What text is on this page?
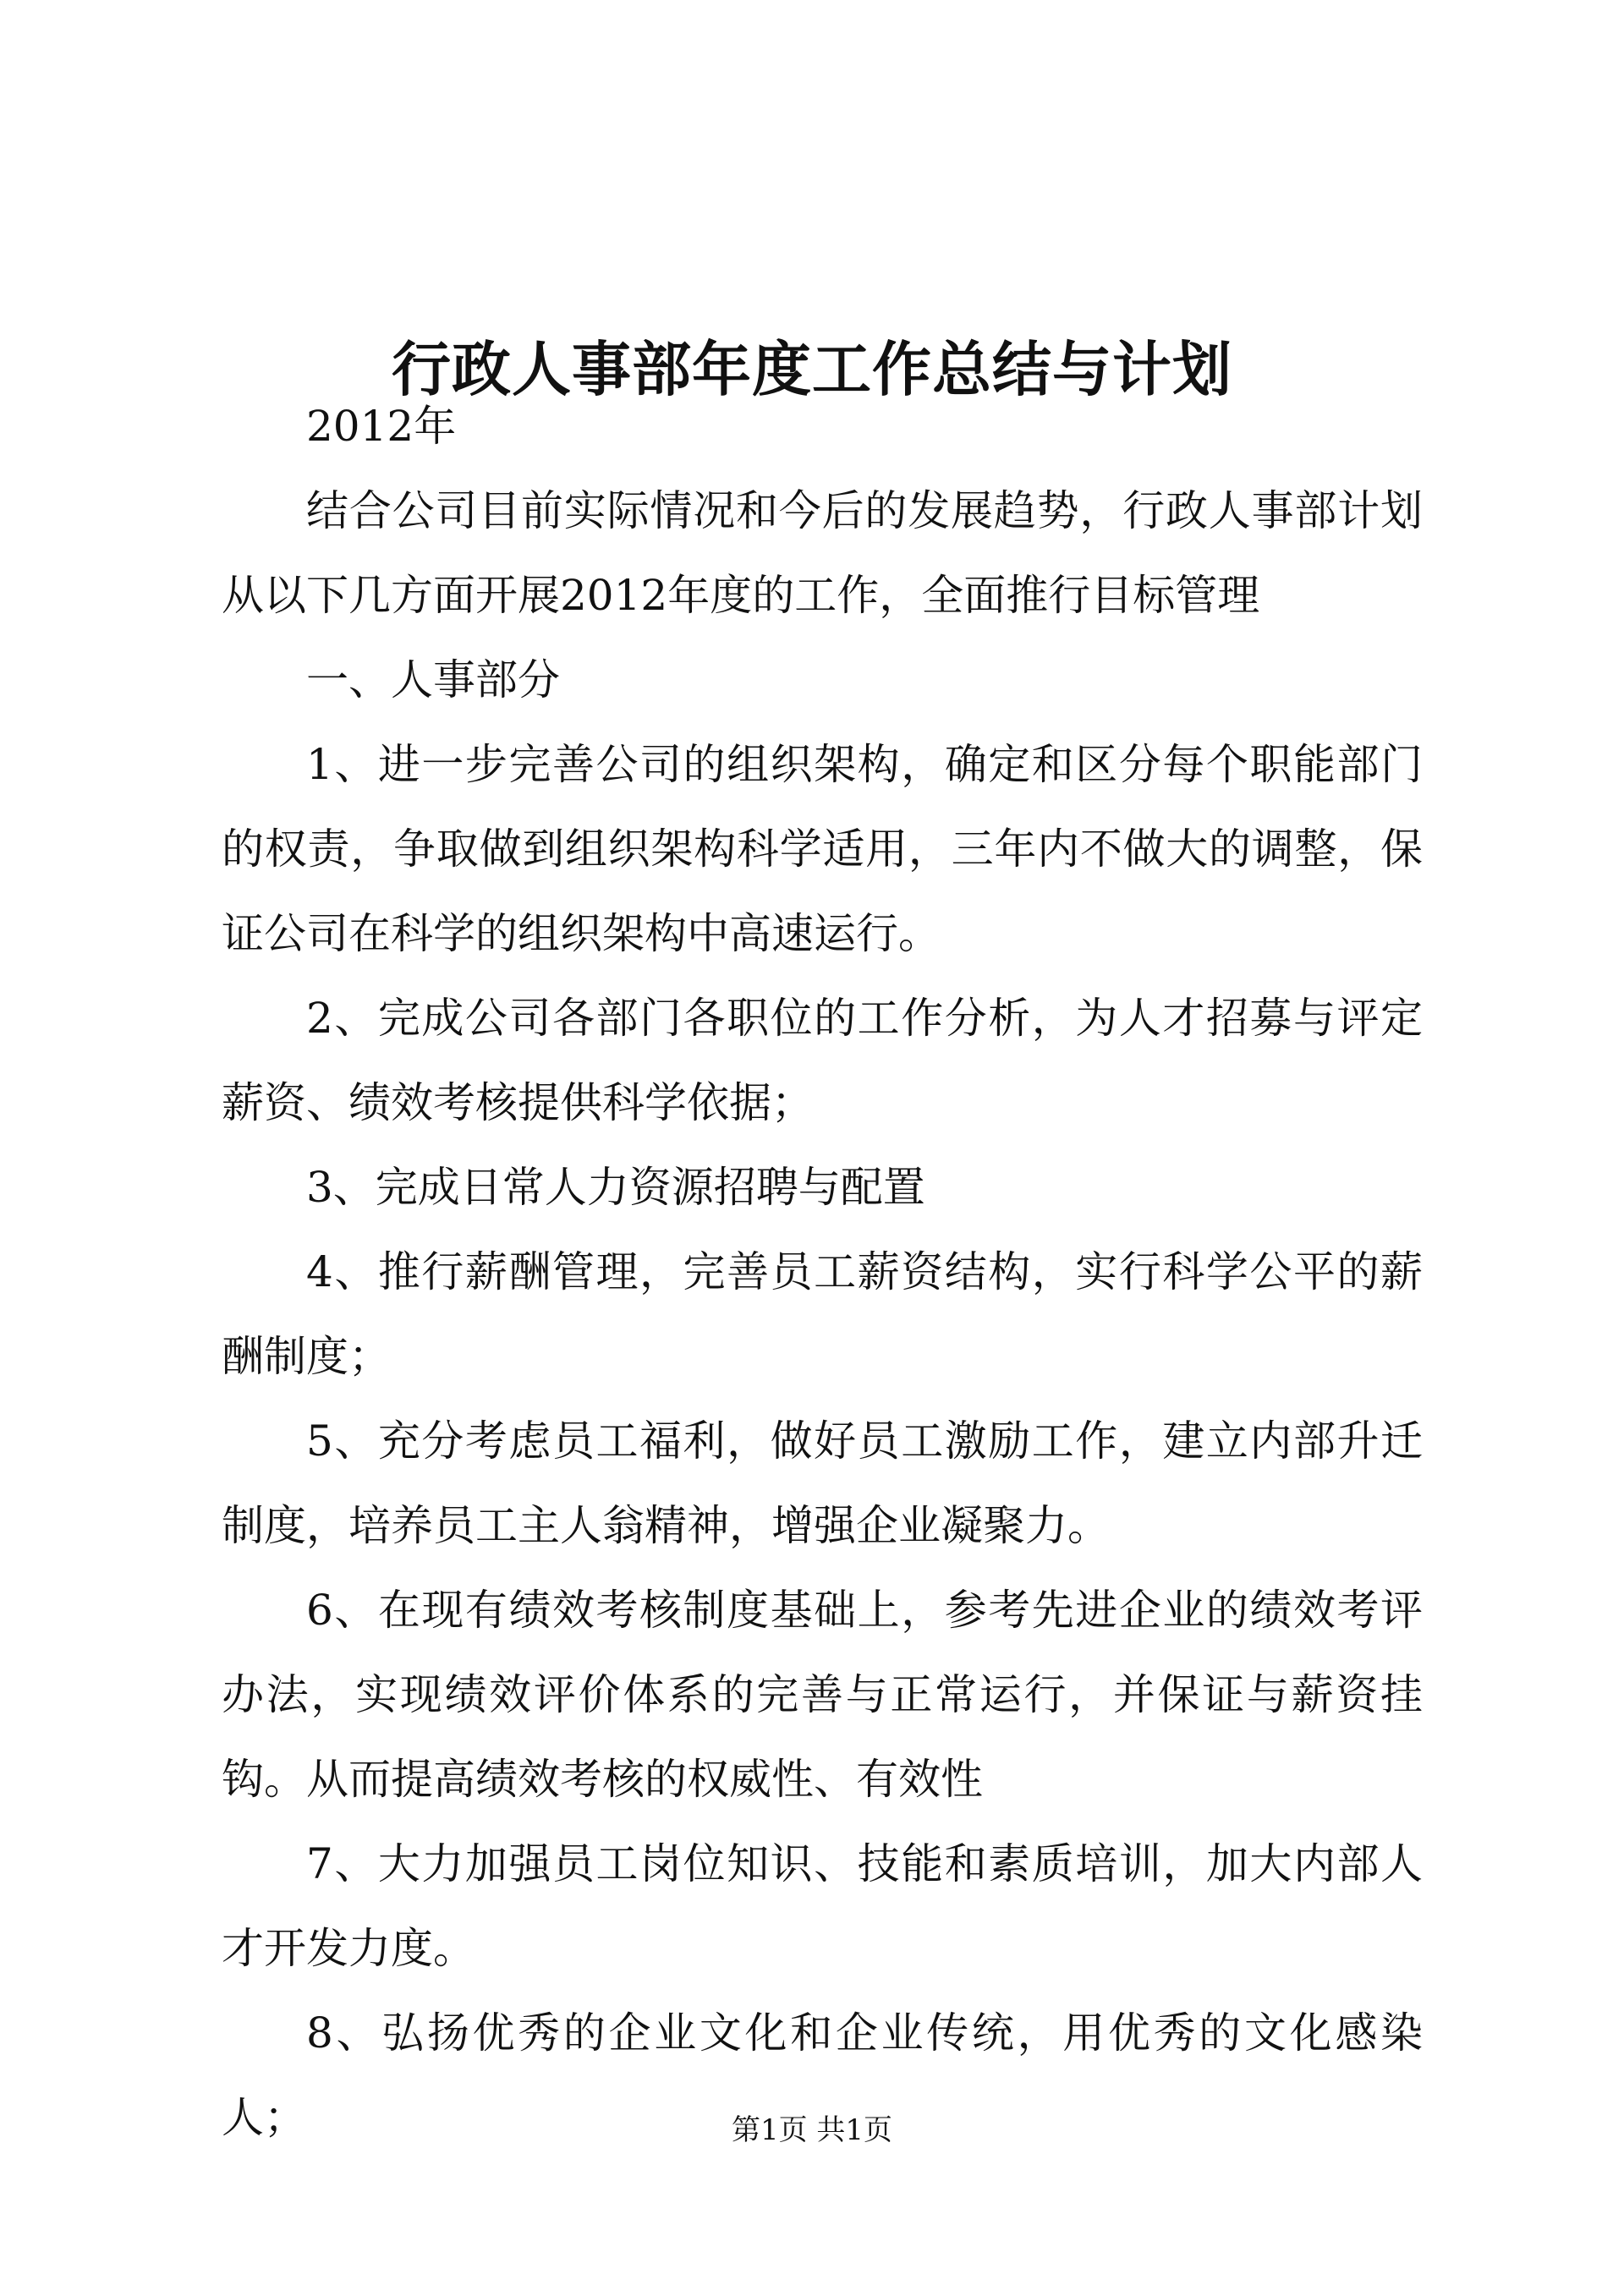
行政人事部年度工作总结与计划

2012年

结合公司目前实际情况和今后的发展趋势，行政人事部计划从以下几方面开展2012年度的工作，全面推行目标管理

一、人事部分

1、进一步完善公司的组织架构，确定和区分每个职能部门的权责，争取做到组织架构科学适用，三年内不做大的调整，保证公司在科学的组织架构中高速运行。

2、完成公司各部门各职位的工作分析，为人才招募与评定薪资、绩效考核提供科学依据；

3、完成日常人力资源招聘与配置

4、推行薪酬管理，完善员工薪资结构，实行科学公平的薪酬制度；

5、充分考虑员工福利，做好员工激励工作，建立内部升迁制度，培养员工主人翁精神，增强企业凝聚力。

6、在现有绩效考核制度基础上，参考先进企业的绩效考评办法，实现绩效评价体系的完善与正常运行，并保证与薪资挂钩。从而提高绩效考核的权威性、有效性

7、大力加强员工岗位知识、技能和素质培训，加大内部人才开发力度。

8、弘扬优秀的企业文化和企业传统，用优秀的文化感染人；	第1页 共1页
